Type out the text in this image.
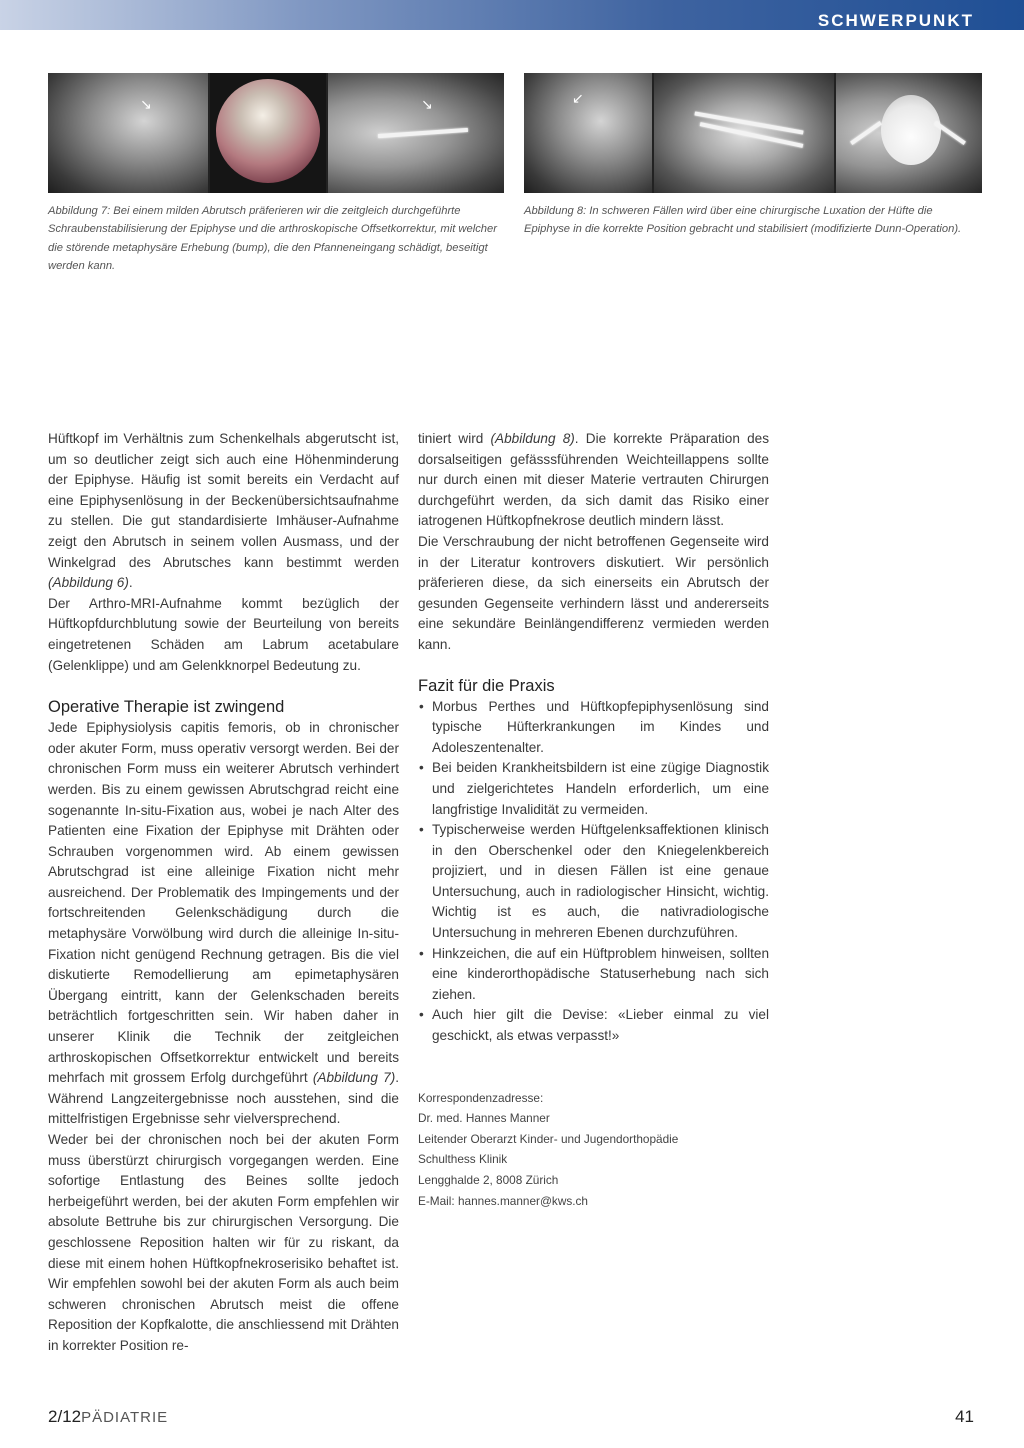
SCHWERPUNKT
↘	↘	↙

Abbildung 7: Bei einem milden Abrutsch präferieren wir die zeitgleich durchgeführte Schraubenstabilisierung der Epiphyse und die arthroskopische Offsetkorrektur, mit welcher die störende metaphysäre Erhebung (bump), die den Pfanneneingang schädigt, beseitigt werden kann.

Abbildung 8: In schweren Fällen wird über eine chirurgische Luxation der Hüfte die Epiphyse in die korrekte Position gebracht und stabilisiert (modifizierte Dunn-Operation).

Hüftkopf im Verhältnis zum Schenkelhals abgerutscht ist, um so deutlicher zeigt sich auch eine Höhenminderung der Epiphyse. Häufig ist somit bereits ein Verdacht auf eine Epiphysenlösung in der Beckenübersichtsaufnahme zu stellen. Die gut standardisierte Imhäuser-Aufnahme zeigt den Abrutsch in seinem vollen Ausmass, und der Winkelgrad des Abrutsches kann bestimmt werden (Abbildung 6).

Der Arthro-MRI-Aufnahme kommt bezüglich der Hüftkopfdurchblutung sowie der Beurteilung von bereits eingetretenen Schäden am Labrum acetabulare (Gelenklippe) und am Gelenkknorpel Bedeutung zu.

Operative Therapie ist zwingend

Jede Epiphysiolysis capitis femoris, ob in chronischer oder akuter Form, muss operativ versorgt werden. Bei der chronischen Form muss ein weiterer Abrutsch verhindert werden. Bis zu einem gewissen Abrutschgrad reicht eine sogenannte In-situ-Fixation aus, wobei je nach Alter des Patienten eine Fixation der Epiphyse mit Drähten oder Schrauben vorgenommen wird. Ab einem gewissen Abrutschgrad ist eine alleinige Fixation nicht mehr ausreichend. Der Problematik des Impingements und der fortschreitenden Gelenkschädigung durch die metaphysäre Vorwölbung wird durch die alleinige In-situ-Fixation nicht genügend Rechnung getragen. Bis die viel diskutierte Remodellierung am epimetaphysären Übergang eintritt, kann der Gelenkschaden bereits beträchtlich fortgeschritten sein. Wir haben daher in unserer Klinik die Technik der zeitgleichen arthroskopischen Offsetkorrektur entwickelt und bereits mehrfach mit grossem Erfolg durchgeführt (Abbildung 7). Während Langzeitergebnisse noch ausstehen, sind die mittelfristigen Ergebnisse sehr vielversprechend.

Weder bei der chronischen noch bei der akuten Form muss überstürzt chirurgisch vorgegangen werden. Eine sofortige Entlastung des Beines sollte jedoch herbeigeführt werden, bei der akuten Form empfehlen wir absolute Bettruhe bis zur chirurgischen Versorgung. Die geschlossene Reposition halten wir für zu riskant, da diese mit einem hohen Hüftkopfnekroserisiko behaftet ist. Wir empfehlen sowohl bei der akuten Form als auch beim schweren chronischen Abrutsch meist die offene Reposition der Kopfkalotte, die anschliessend mit Drähten in korrekter Position re-

tiniert wird (Abbildung 8). Die korrekte Präparation des dorsalseitigen gefässsführenden Weichteillappens sollte nur durch einen mit dieser Materie vertrauten Chirurgen durchgeführt werden, da sich damit das Risiko einer iatrogenen Hüftkopfnekrose deutlich mindern lässt.

Die Verschraubung der nicht betroffenen Gegenseite wird in der Literatur kontrovers diskutiert. Wir persönlich präferieren diese, da sich einerseits ein Abrutsch der gesunden Gegenseite verhindern lässt und andererseits eine sekundäre Beinlängendifferenz vermieden werden kann.

Fazit für die Praxis
• Morbus Perthes und Hüftkopfepiphysenlösung sind typische Hüfterkrankungen im Kindes und Adoleszentenalter.
• Bei beiden Krankheitsbildern ist eine zügige Diagnostik und zielgerichtetes Handeln erforderlich, um eine langfristige Invalidität zu vermeiden.
• Typischerweise werden Hüftgelenksaffektionen klinisch in den Oberschenkel oder den Kniegelenkbereich projiziert, und in diesen Fällen ist eine genaue Untersuchung, auch in radiologischer Hinsicht, wichtig. Wichtig ist es auch, die nativradiologische Untersuchung in mehreren Ebenen durchzuführen.
• Hinkzeichen, die auf ein Hüftproblem hinweisen, sollten eine kinderorthopädische Statuserhebung nach sich ziehen.
• Auch hier gilt die Devise: «Lieber einmal zu viel geschickt, als etwas verpasst!»
Korrespondenzadresse:
Dr. med. Hannes Manner
Leitender Oberarzt Kinder- und Jugendorthopädie
Schulthess Klinik
Lengghalde 2, 8008 Zürich
E-Mail: hannes.manner@kws.ch
2/12PÄDIATRIE	41
